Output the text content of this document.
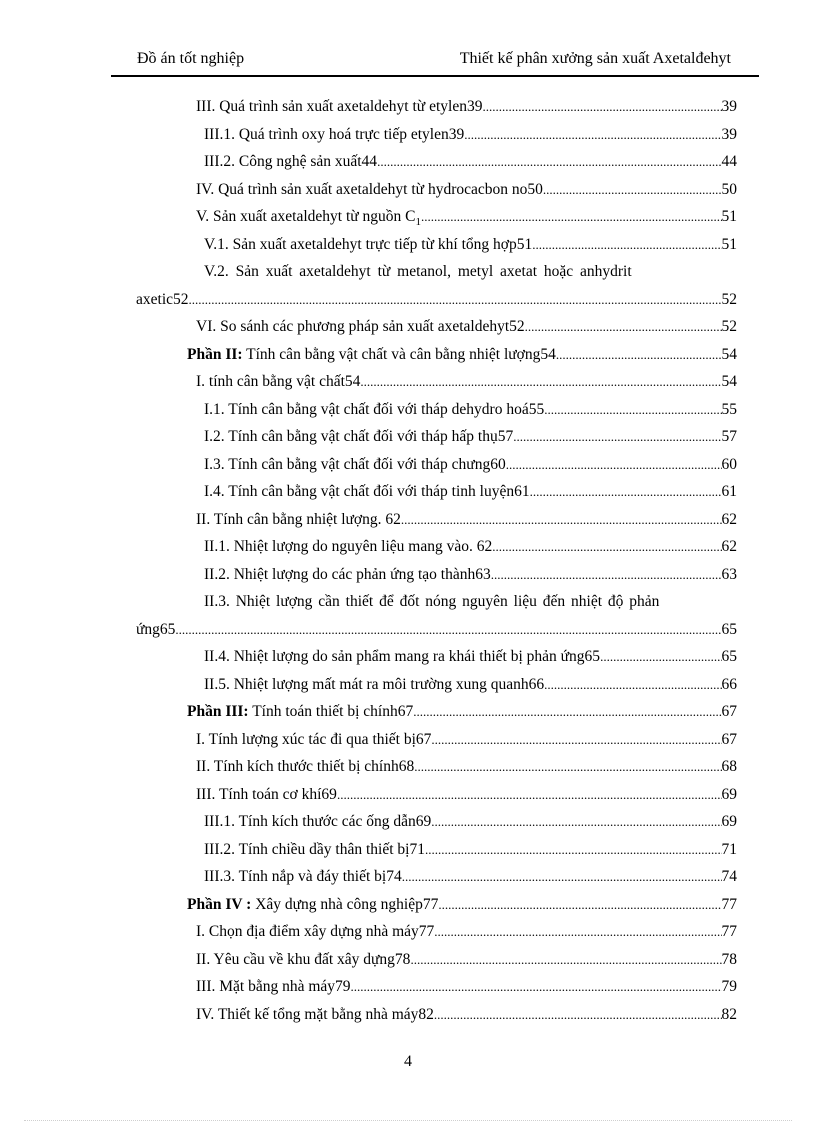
Đồ án tốt nghiệp	Thiết kế phân xưởng sản xuất Axetalđehyt
III. Quá trình sản xuất axetaldehyt từ etylen39 .....	39
III.1. Quá trình oxy hoá trực tiếp etylen39 .....	39
III.2. Công nghệ sản xuất44 .....	44
IV. Quá trình sản xuất axetaldehyt từ hydrocacbon no50 .....	50
V. Sản xuất axetaldehyt từ nguồn $C_1$ .....	51
V.1. Sản xuất axetaldehyt trực tiếp từ khí tổng hợp51 .....	51
V.2. Sản xuất axetaldehyt từ metanol, metyl axetat hoặc anhydrit
axetic52 .....	52
VI. So sánh các phương pháp sản xuất axetaldehyt52 .....	52
Phần II: Tính cân bằng vật chất và cân bằng nhiệt lượng54 .....	54
I. tính cân bằng vật chất54 .....	54
I.1. Tính cân bằng vật chất đối với tháp dehydro hoá55 .....	55
I.2. Tính cân bằng vật chất đối với tháp hấp thụ57 .....	57
I.3. Tính cân bằng vật chất đối với tháp chưng60 .....	60
I.4. Tính cân bằng vật chất đối với tháp tinh luyện61 .....	61
II. Tính cân bằng nhiệt lượng. 62 .....	62
II.1. Nhiệt lượng do nguyên liệu mang vào. 62 .....	62
II.2. Nhiệt lượng do các phản ứng tạo thành63 .....	63
II.3. Nhiệt lượng cần thiết để đốt nóng nguyên liệu đến nhiệt độ phản
ứng65 .....	65
II.4. Nhiệt lượng do sản phẩm mang ra khái thiết bị phản ứng65 .....	65
II.5. Nhiệt lượng mất mát ra môi trường xung quanh66 .....	66
Phần III: Tính toán thiết bị chính67 .....	67
I. Tính lượng xúc tác đi qua thiết bị67 .....	67
II. Tính kích thước thiết bị chính68 .....	68
III. Tính toán cơ khí69 .....	69
III.1. Tính kích thước các ống dẫn69 .....	69
III.2. Tính chiều dầy thân thiết bị71 .....	71
III.3. Tính nắp và đáy thiết bị74 .....	74
Phần IV : Xây dựng nhà công nghiệp77 .....	77
I. Chọn địa điểm xây dựng nhà máy77 .....	77
II. Yêu cầu về khu đất xây dựng78 .....	78
III. Mặt bằng nhà máy79 .....	79
IV. Thiết kế tổng mặt bằng nhà máy82 .....	82
4
